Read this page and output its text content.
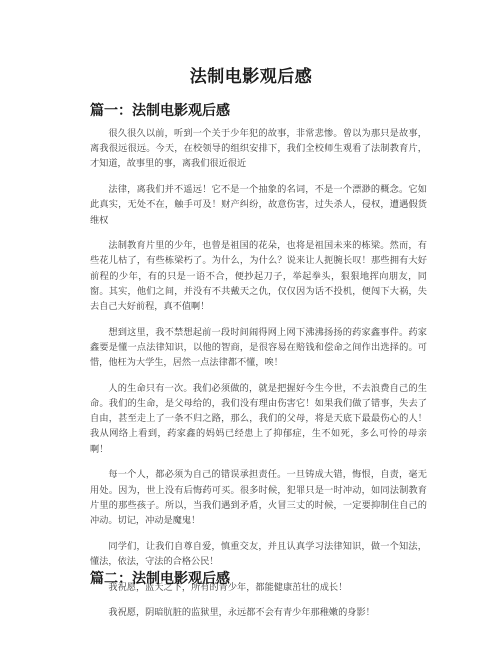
法制电影观后感
篇一：法制电影观后感

很久很久以前，听到一个关于少年犯的故事，非常悲惨。曾以为那只是故事，离我很远很远。今天，在校领导的组织安排下，我们全校师生观看了法制教育片，才知道，故事里的事，离我们很近很近

法律，离我们并不遥远！它不是一个抽象的名词，不是一个漂渺的概念。它如此真实，无处不在，触手可及！财产纠纷，故意伤害，过失杀人，侵权，遭遇假货维权

法制教育片里的少年，也曾是祖国的花朵，也将是祖国未来的栋梁。然而，有些花儿枯了，有些栋梁朽了。为什么，为什么？说来让人扼腕长叹！那些拥有大好前程的少年，有的只是一语不合，便抄起刀子，举起拳头，狠狠地挥向朋友，同窗。其实，他们之间，并没有不共戴天之仇，仅仅因为话不投机，便闯下大祸，失去自己大好前程，真不值啊！

想到这里，我不禁想起前一段时间闹得网上网下沸沸扬扬的药家鑫事件。药家鑫要是懂一点法律知识，以他的智商，是很容易在赔钱和偿命之间作出选择的。可惜，他枉为大学生，居然一点法律都不懂，唉！

人的生命只有一次。我们必须做的，就是把握好今生今世，不去浪费自己的生命。我们的生命，是父母给的，我们没有理由伤害它！如果我们做了错事，失去了自由，甚至走上了一条不归之路，那么，我们的父母，将是天底下最最伤心的人！我从网络上看到，药家鑫的妈妈已经患上了抑郁症，生不如死，多么可怜的母亲啊！

每一个人，都必须为自己的错误承担责任。一旦铸成大错，悔恨，自责，毫无用处。因为，世上没有后悔药可买。很多时候，犯罪只是一时冲动，如同法制教育片里的那些孩子。所以，当我们遇到矛盾，火冒三丈的时候，一定要抑制住自己的冲动。切记，冲动是魔鬼！

同学们，让我们自尊自爱，慎重交友，并且认真学习法律知识，做一个知法，懂法，依法，守法的合格公民！

我祝愿，蓝天之下，所有的青少年，都能健康茁壮的成长！

我祝愿，阴暗肮脏的监狱里，永远都不会有青少年那稚嫩的身影！

篇二：法制电影观后感
